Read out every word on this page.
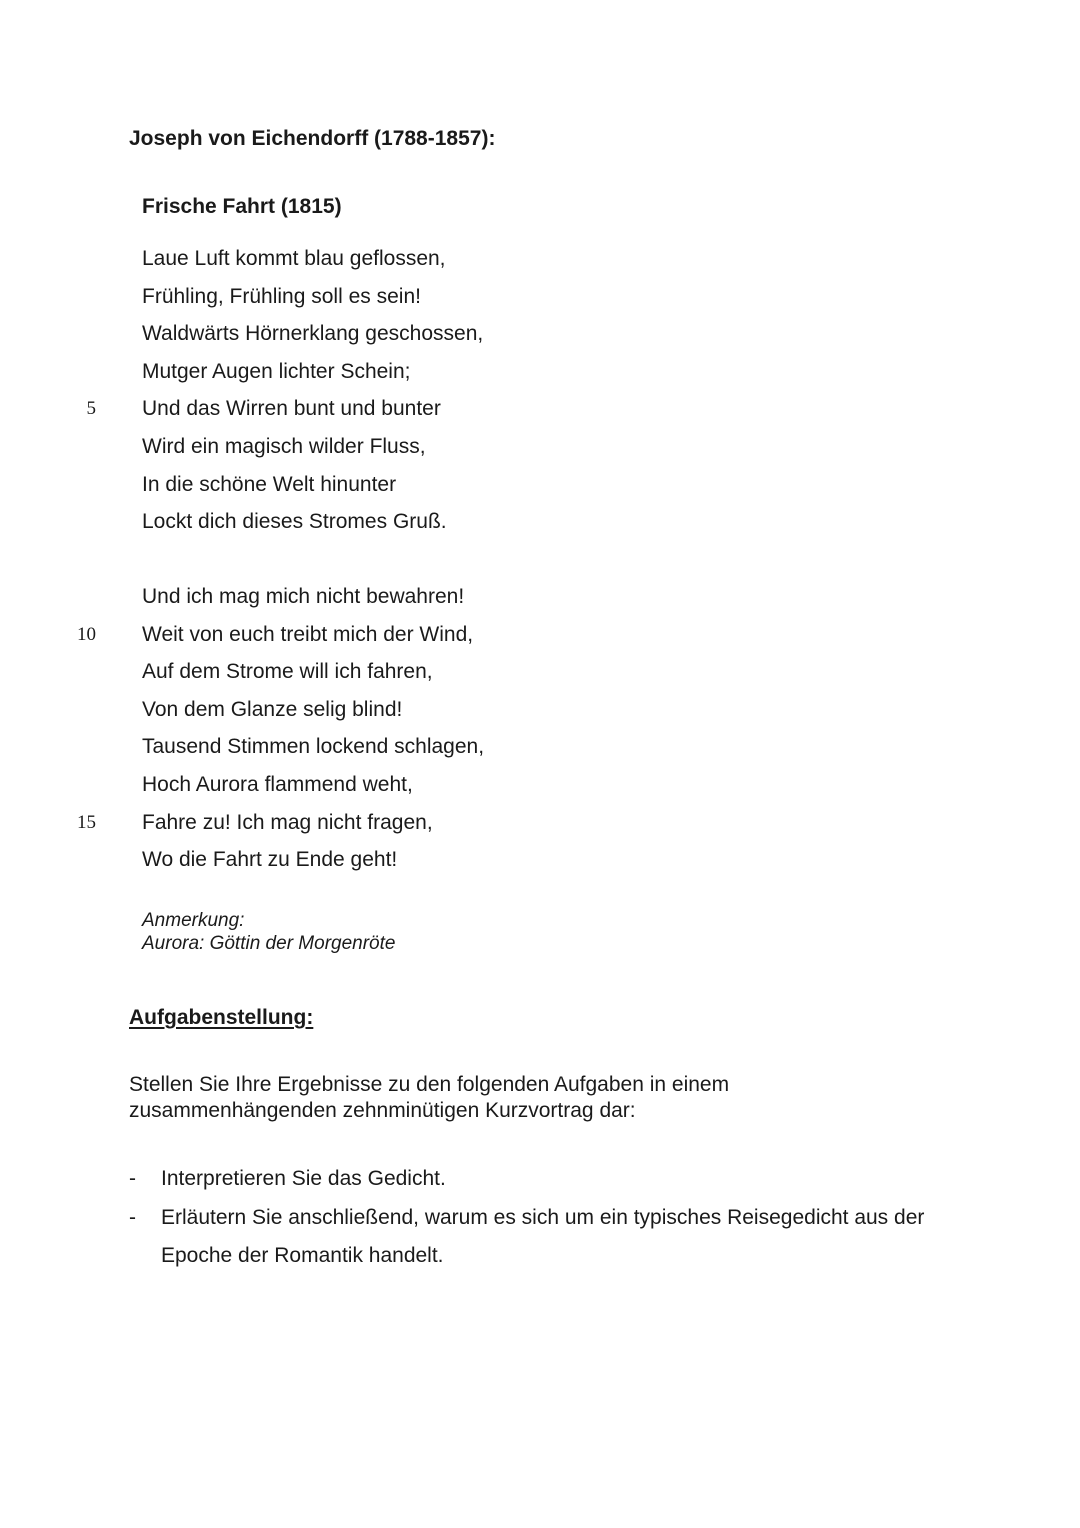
Joseph von Eichendorff (1788-1857):
Frische Fahrt (1815)
Laue Luft kommt blau geflossen,
Frühling, Frühling soll es sein!
Waldwärts Hörnerklang geschossen,
Mutger Augen lichter Schein;
5 Und das Wirren bunt und bunter
Wird ein magisch wilder Fluss,
In die schöne Welt hinunter
Lockt dich dieses Stromes Gruß.
Und ich mag mich nicht bewahren!
10 Weit von euch treibt mich der Wind,
Auf dem Strome will ich fahren,
Von dem Glanze selig blind!
Tausend Stimmen lockend schlagen,
Hoch Aurora flammend weht,
15 Fahre zu! Ich mag nicht fragen,
Wo die Fahrt zu Ende geht!
Anmerkung:
Aurora: Göttin der Morgenröte
Aufgabenstellung:

Stellen Sie Ihre Ergebnisse zu den folgenden Aufgaben in einem zusammenhängenden zehnminütigen Kurzvortrag dar:

- Interpretieren Sie das Gedicht.
- Erläutern Sie anschließend, warum es sich um ein typisches Reisegedicht aus der Epoche der Romantik handelt.
